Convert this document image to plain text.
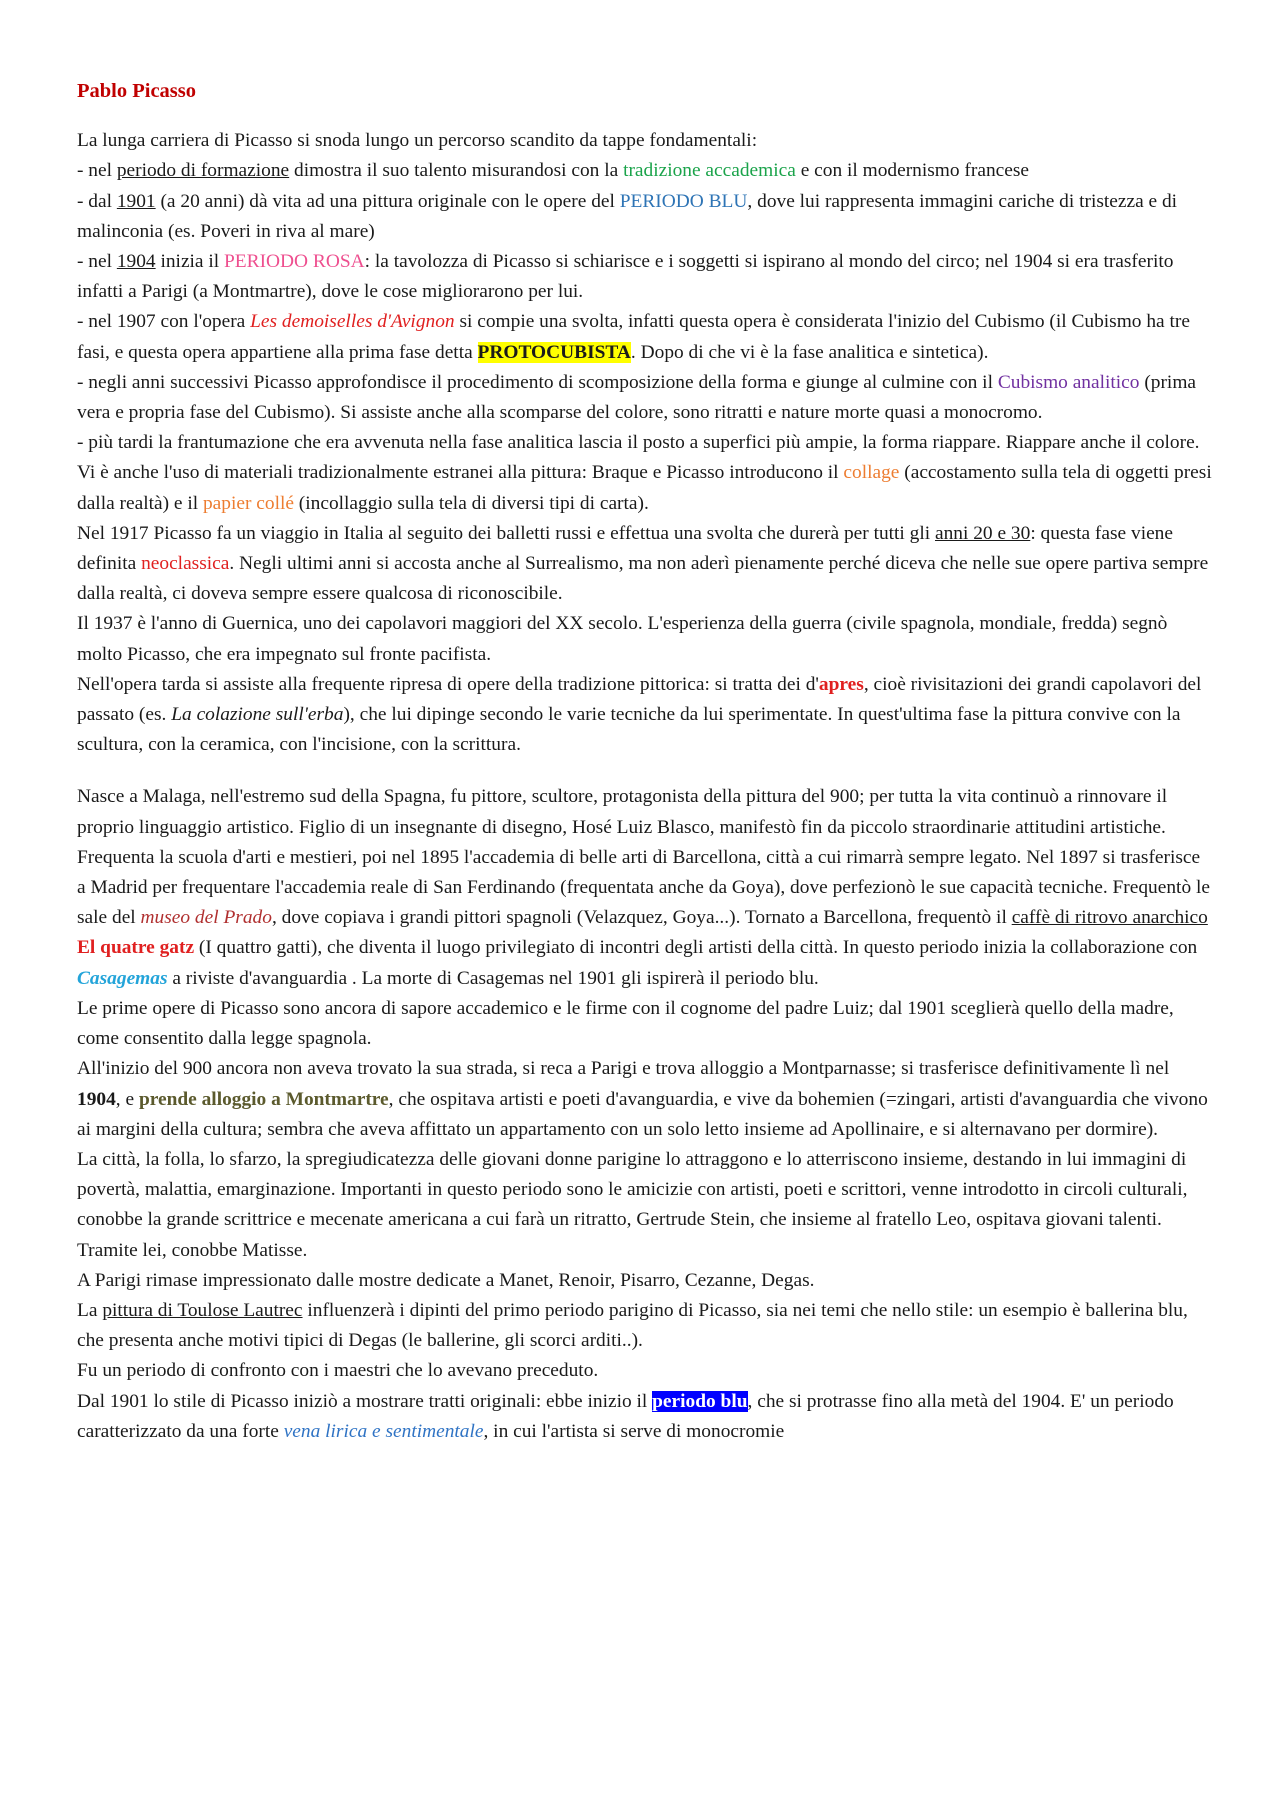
Pablo Picasso

La lunga carriera di Picasso si snoda lungo un percorso scandito da tappe fondamentali:

- nel periodo di formazione dimostra il suo talento misurandosi con la tradizione accademica e con il modernismo francese

- dal 1901 (a 20 anni) dà vita ad una pittura originale con le opere del PERIODO BLU, dove lui rappresenta immagini cariche di tristezza e di malinconia (es. Poveri in riva al mare)

- nel 1904 inizia il PERIODO ROSA: la tavolozza di Picasso si schiarisce e i soggetti si ispirano al mondo del circo; nel 1904 si era trasferito infatti a Parigi (a Montmartre), dove le cose migliorarono per lui.

- nel 1907 con l'opera Les demoiselles d'Avignon si compie una svolta, infatti questa opera è considerata l'inizio del Cubismo (il Cubismo ha tre fasi, e questa opera appartiene alla prima fase detta PROTOCUBISTA. Dopo di che vi è la fase analitica e sintetica).

- negli anni successivi Picasso approfondisce il procedimento di scomposizione della forma e giunge al culmine con il Cubismo analitico (prima vera e propria fase del Cubismo). Si assiste anche alla scomparse del colore, sono ritratti e nature morte quasi a monocromo.

- più tardi la frantumazione che era avvenuta nella fase analitica lascia il posto a superfici più ampie, la forma riappare. Riappare anche il colore. Vi è anche l'uso di materiali tradizionalmente estranei alla pittura: Braque e Picasso introducono il collage (accostamento sulla tela di oggetti presi dalla realtà) e il papier collé (incollaggio sulla tela di diversi tipi di carta).

Nel 1917 Picasso fa un viaggio in Italia al seguito dei balletti russi e effettua una svolta che durerà per tutti gli anni 20 e 30: questa fase viene definita neoclassica. Negli ultimi anni si accosta anche al Surrealismo, ma non aderì pienamente perché diceva che nelle sue opere partiva sempre dalla realtà, ci doveva sempre essere qualcosa di riconoscibile.

Il 1937 è l'anno di Guernica, uno dei capolavori maggiori del XX secolo. L'esperienza della guerra (civile spagnola, mondiale, fredda) segnò molto Picasso, che era impegnato sul fronte pacifista.

Nell'opera tarda si assiste alla frequente ripresa di opere della tradizione pittorica: si tratta dei d'apres, cioè rivisitazioni dei grandi capolavori del passato (es. La colazione sull'erba), che lui dipinge secondo le varie tecniche da lui sperimentate. In quest'ultima fase la pittura convive con la scultura, con la ceramica, con l'incisione, con la scrittura.

Nasce a Malaga, nell'estremo sud della Spagna, fu pittore, scultore, protagonista della pittura del 900; per tutta la vita continuò a rinnovare il proprio linguaggio artistico. Figlio di un insegnante di disegno, Hosé Luiz Blasco, manifestò fin da piccolo straordinarie attitudini artistiche.

Frequenta la scuola d'arti e mestieri, poi nel 1895 l'accademia di belle arti di Barcellona, città a cui rimarrà sempre legato. Nel 1897 si trasferisce a Madrid per frequentare l'accademia reale di San Ferdinando (frequentata anche da Goya), dove perfezionò le sue capacità tecniche. Frequentò le sale del museo del Prado, dove copiava i grandi pittori spagnoli (Velazquez, Goya...). Tornato a Barcellona, frequentò il caffè di ritrovo anarchico El quatre gatz (I quattro gatti), che diventa il luogo privilegiato di incontri degli artisti della città. In questo periodo inizia la collaborazione con Casagemas a riviste d'avanguardia . La morte di Casagemas nel 1901 gli ispirerà il periodo blu.

Le prime opere di Picasso sono ancora di sapore accademico e le firme con il cognome del padre Luiz; dal 1901 sceglierà quello della madre, come consentito dalla legge spagnola.

All'inizio del 900 ancora non aveva trovato la sua strada, si reca a Parigi e trova alloggio a Montparnasse; si trasferisce definitivamente lì nel 1904, e prende alloggio a Montmartre, che ospitava artisti e poeti d'avanguardia, e vive da bohemien (=zingari, artisti d'avanguardia che vivono ai margini della cultura; sembra che aveva affittato un appartamento con un solo letto insieme ad Apollinaire, e si alternavano per dormire).

La città, la folla, lo sfarzo, la spregiudicatezza delle giovani donne parigine lo attraggono e lo atterriscono insieme, destando in lui immagini di povertà, malattia, emarginazione. Importanti in questo periodo sono le amicizie con artisti, poeti e scrittori, venne introdotto in circoli culturali, conobbe la grande scrittrice e mecenate americana a cui farà un ritratto, Gertrude Stein, che insieme al fratello Leo, ospitava giovani talenti. Tramite lei, conobbe Matisse.

A Parigi rimase impressionato dalle mostre dedicate a Manet, Renoir, Pisarro, Cezanne, Degas.

La pittura di Toulose Lautrec influenzerà i dipinti del primo periodo parigino di Picasso, sia nei temi che nello stile: un esempio è ballerina blu, che presenta anche motivi tipici di Degas (le ballerine, gli scorci arditi..).

Fu un periodo di confronto con i maestri che lo avevano preceduto.

Dal 1901 lo stile di Picasso iniziò a mostrare tratti originali: ebbe inizio il periodo blu, che si protrasse fino alla metà del 1904. E' un periodo caratterizzato da una forte vena lirica e sentimentale, in cui l'artista si serve di monocromie
